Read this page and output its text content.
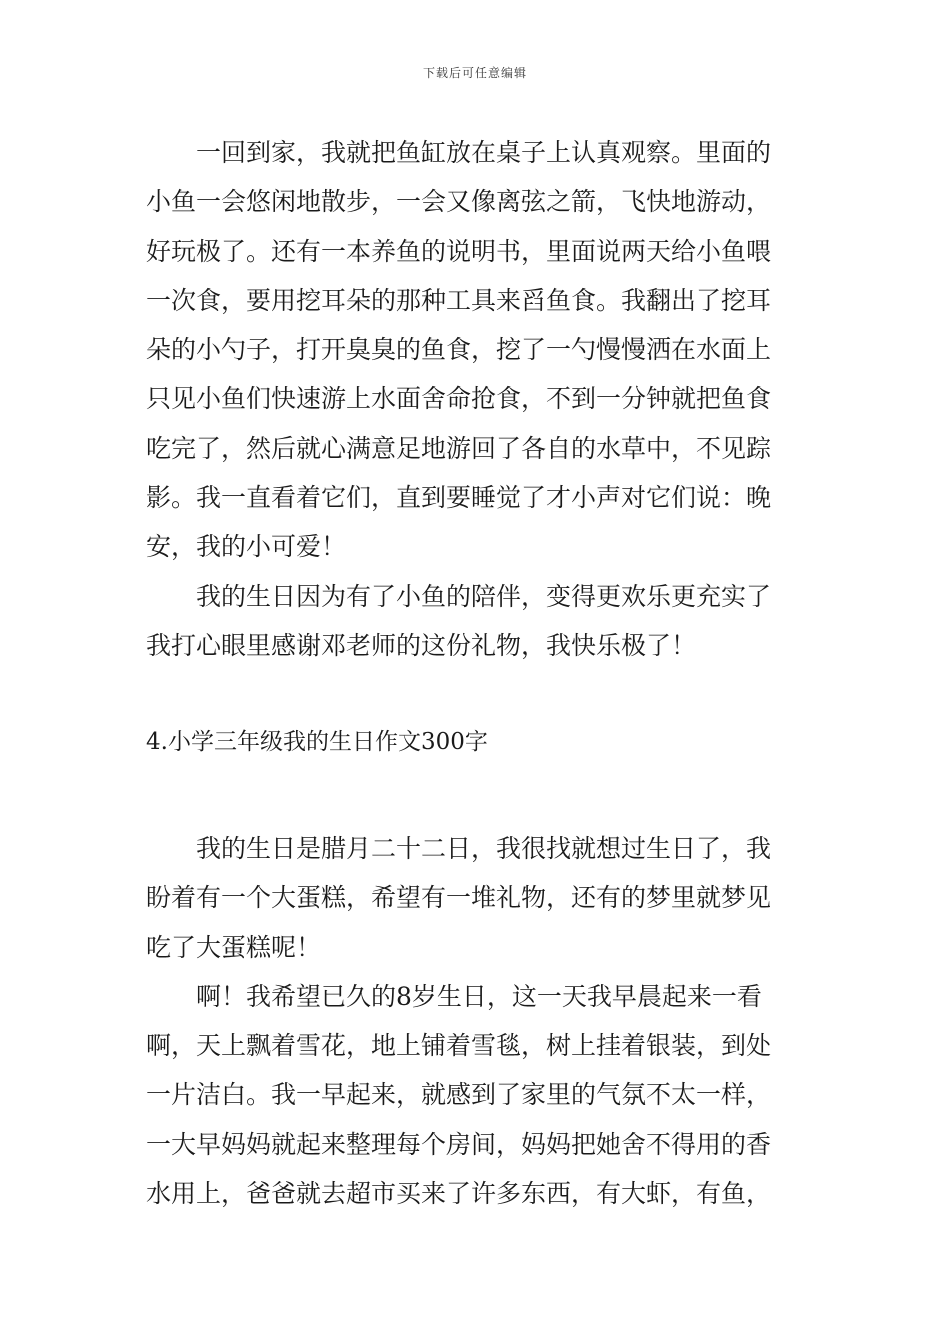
下载后可任意编辑
一回到家，我就把鱼缸放在桌子上认真观察。里面的
小鱼一会悠闲地散步，一会又像离弦之箭，飞快地游动，
好玩极了。还有一本养鱼的说明书，里面说两天给小鱼喂
一次食，要用挖耳朵的那种工具来舀鱼食。我翻出了挖耳
朵的小勺子，打开臭臭的鱼食，挖了一勺慢慢洒在水面上
只见小鱼们快速游上水面舍命抢食，不到一分钟就把鱼食
吃完了，然后就心满意足地游回了各自的水草中，不见踪
影。我一直看着它们，直到要睡觉了才小声对它们说：晚
安，我的小可爱！
我的生日因为有了小鱼的陪伴，变得更欢乐更充实了
我打心眼里感谢邓老师的这份礼物，我快乐极了！
4.小学三年级我的生日作文300字
我的生日是腊月二十二日，我很找就想过生日了，我
盼着有一个大蛋糕，希望有一堆礼物，还有的梦里就梦见
吃了大蛋糕呢！
啊！我希望已久的8岁生日，这一天我早晨起来一看
啊，天上飘着雪花，地上铺着雪毯，树上挂着银装，到处
一片洁白。我一早起来，就感到了家里的气氛不太一样，
一大早妈妈就起来整理每个房间，妈妈把她舍不得用的香
水用上，爸爸就去超市买来了许多东西，有大虾，有鱼，
